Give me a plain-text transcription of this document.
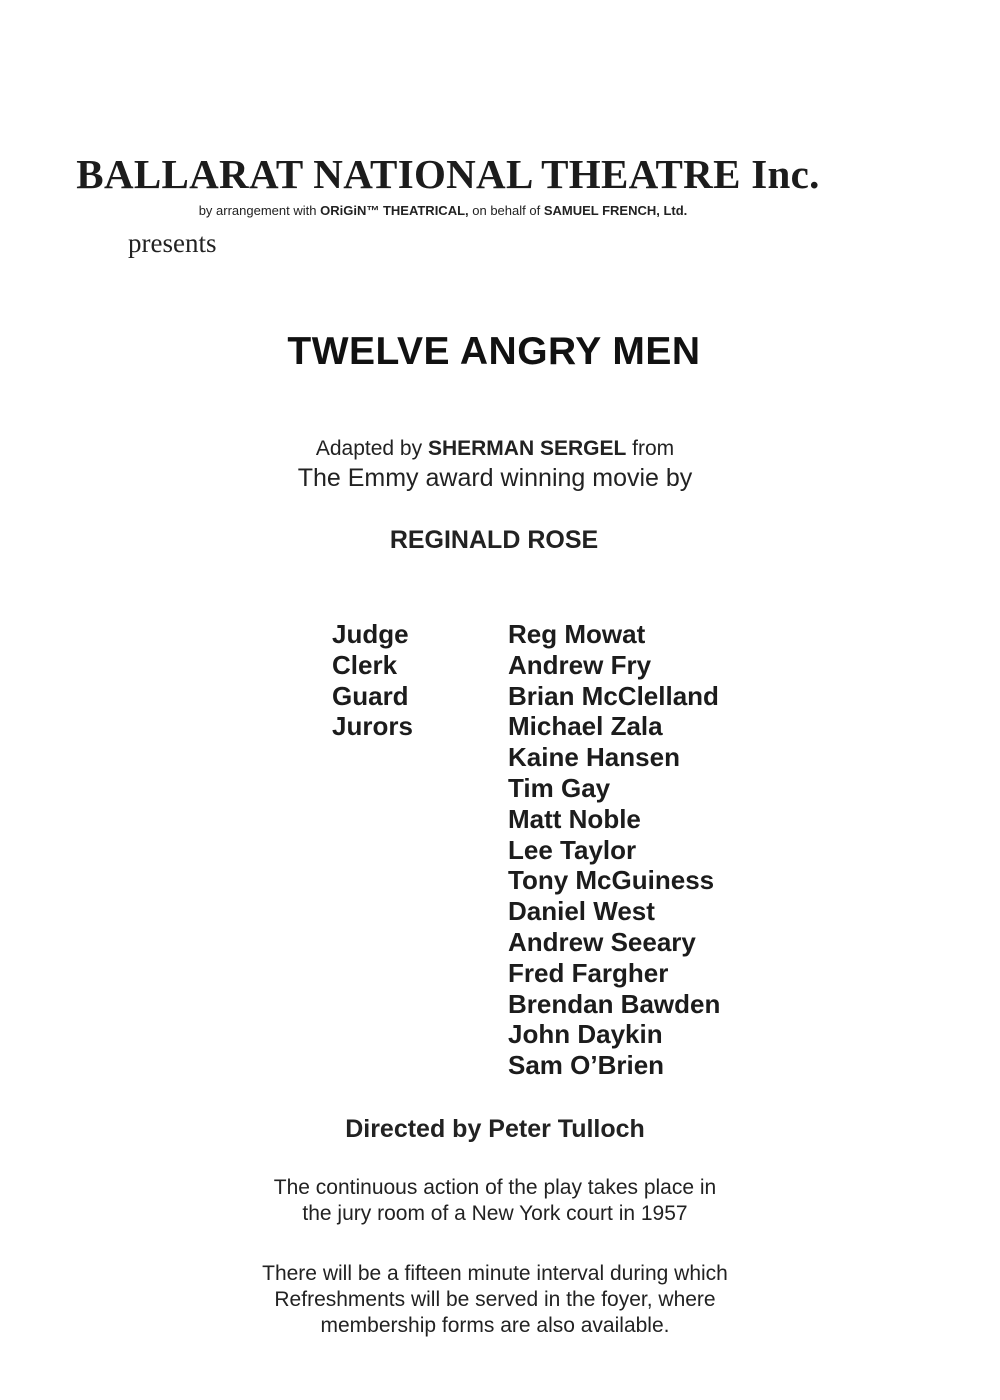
BALLARAT NATIONAL THEATRE Inc.
by arrangement with ORiGiN™ THEATRICAL, on behalf of SAMUEL FRENCH, Ltd.
presents
TWELVE ANGRY MEN
Adapted by SHERMAN SERGEL from
The Emmy award winning movie by
REGINALD ROSE
Judge
Clerk
Guard
Jurors
Reg Mowat
Andrew Fry
Brian McClelland
Michael Zala
Kaine Hansen
Tim Gay
Matt Noble
Lee Taylor
Tony McGuiness
Daniel West
Andrew Seeary
Fred Fargher
Brendan Bawden
John Daykin
Sam O’Brien
Directed by Peter Tulloch
The continuous action of the play takes place in
the jury room of a New York court in 1957
There will be a fifteen minute interval during which
Refreshments will be served in the foyer, where
membership forms are also available.
